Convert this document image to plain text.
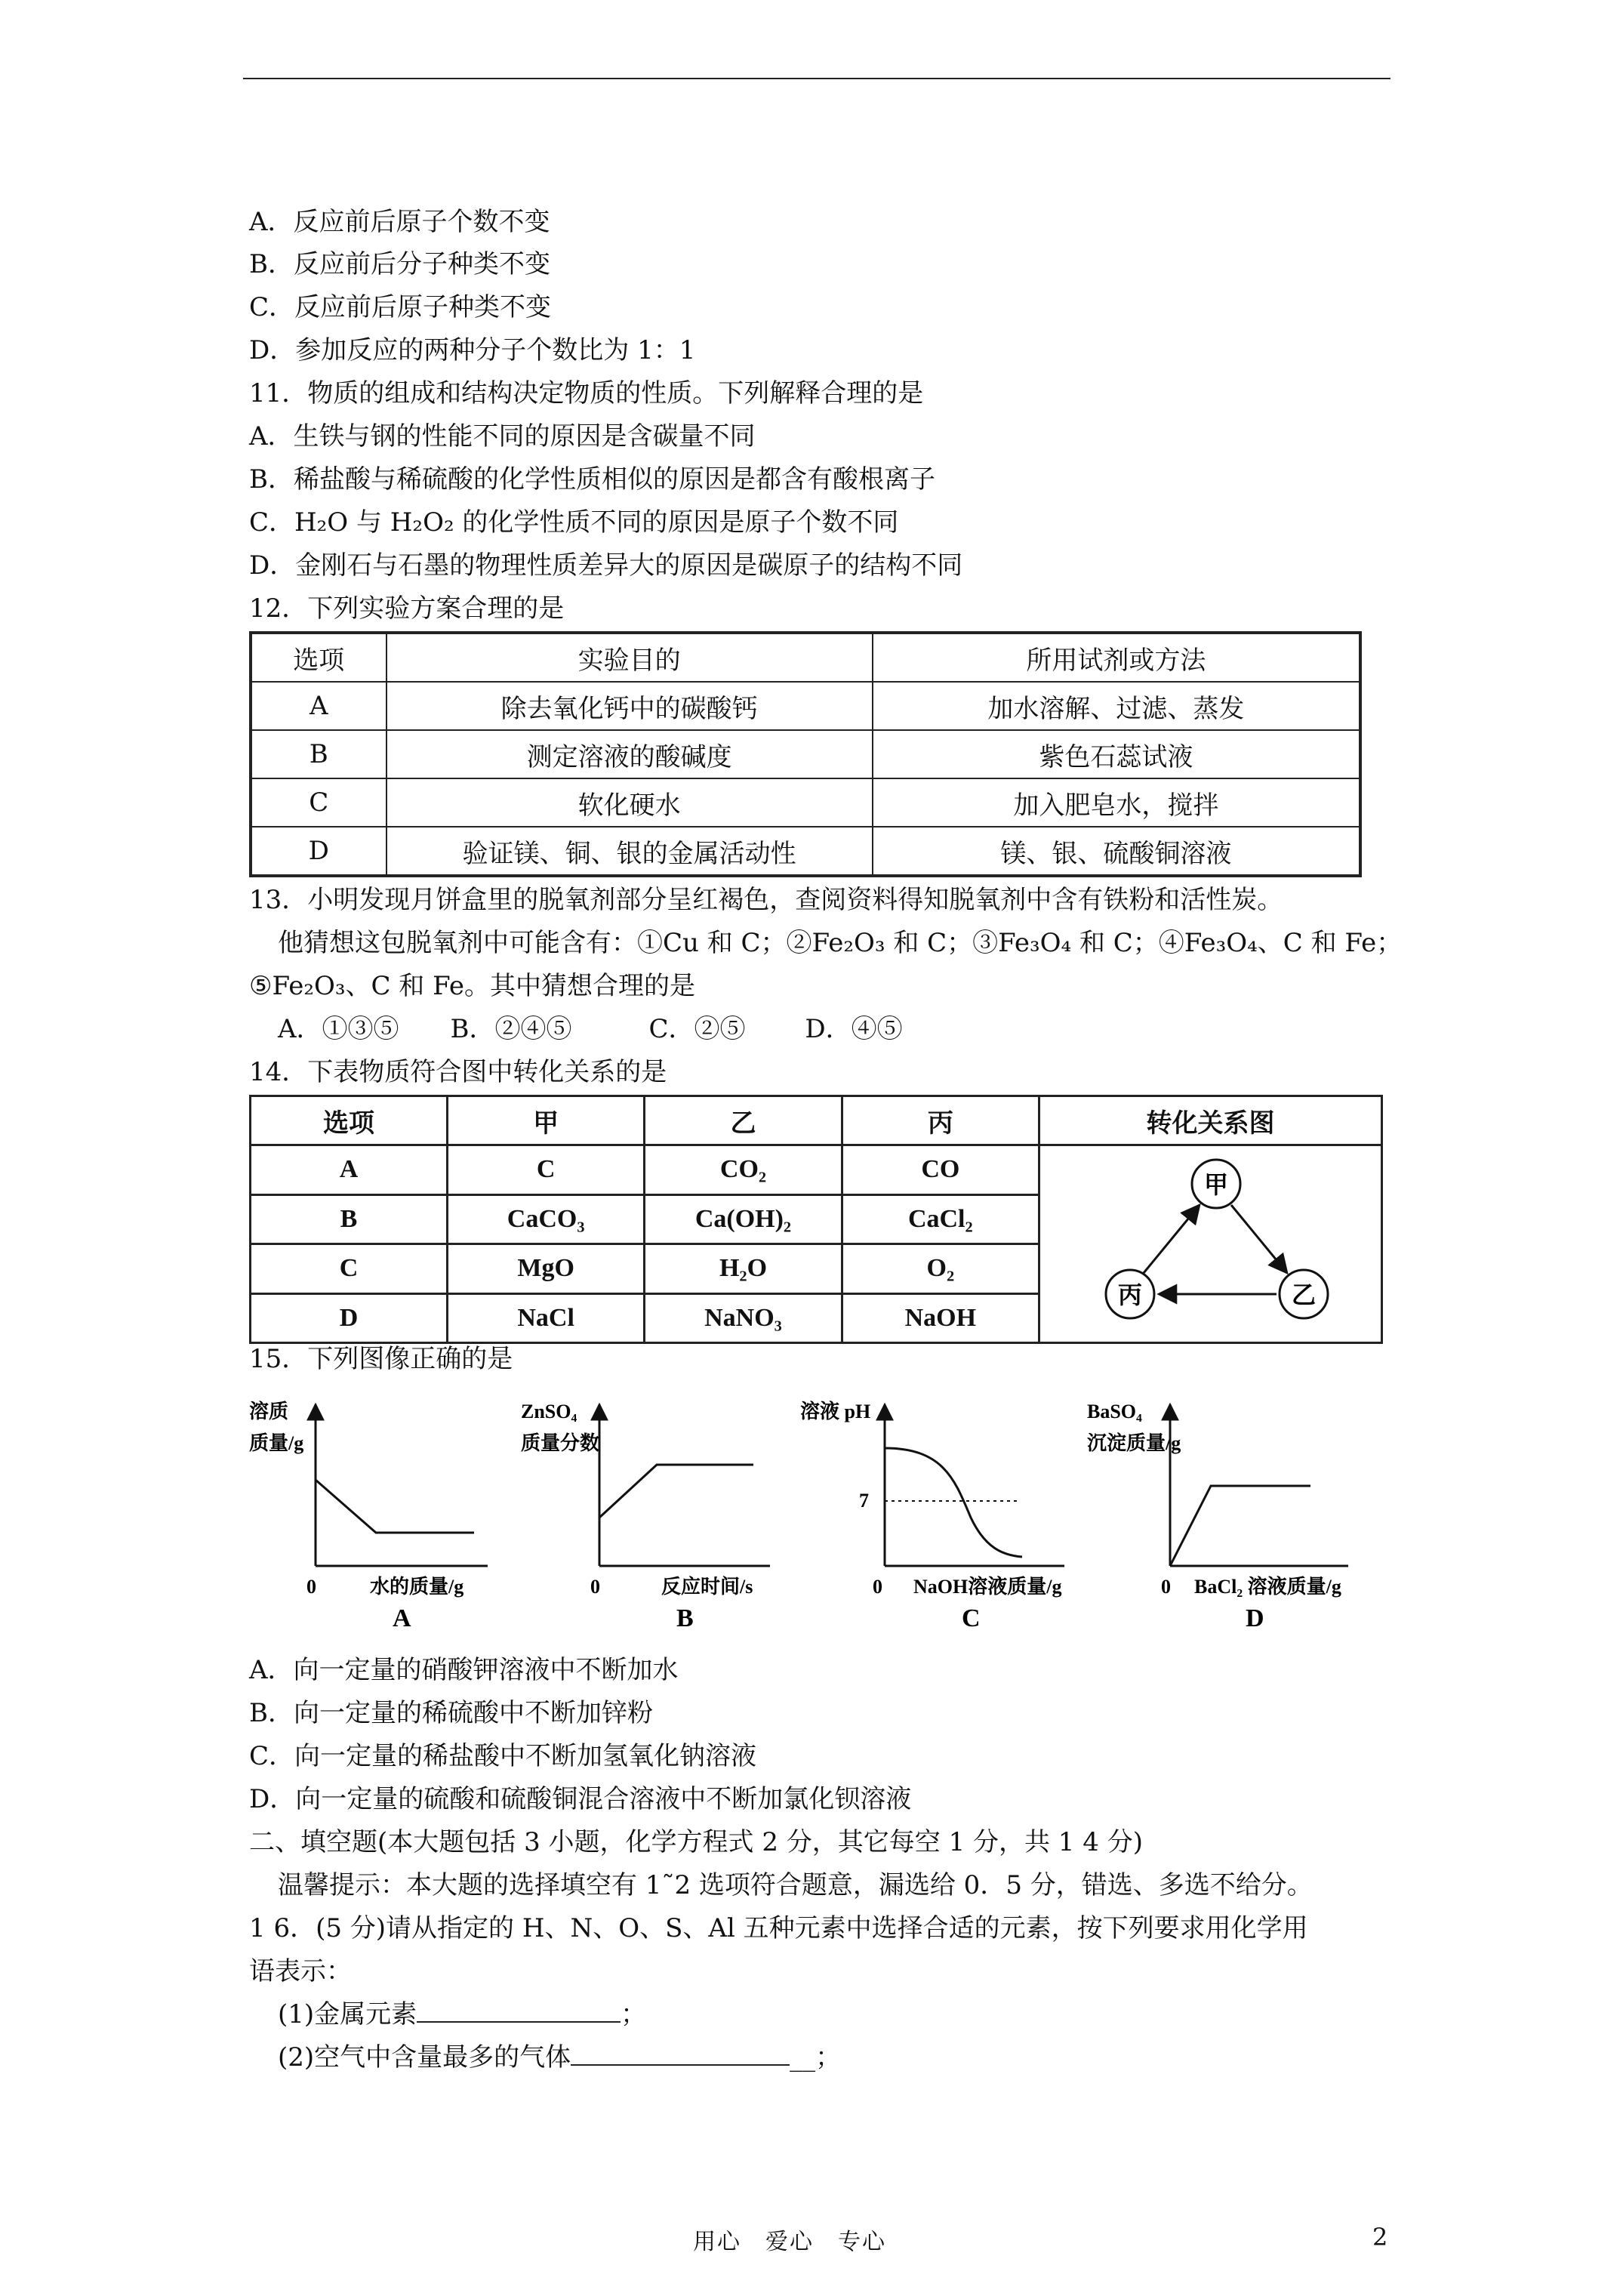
A．反应前后原子个数不变
B．反应前后分子种类不变
C．反应前后原子种类不变
D．参加反应的两种分子个数比为 1：1
11．物质的组成和结构决定物质的性质。下列解释合理的是
A．生铁与钢的性能不同的原因是含碳量不同
B．稀盐酸与稀硫酸的化学性质相似的原因是都含有酸根离子
C．H₂O 与 H₂O₂ 的化学性质不同的原因是原子个数不同
D．金刚石与石墨的物理性质差异大的原因是碳原子的结构不同
12．下列实验方案合理的是
选项	实验目的	所用试剂或方法
A	除去氧化钙中的碳酸钙	加水溶解、过滤、蒸发
B	测定溶液的酸碱度	紫色石蕊试液
C	软化硬水	加入肥皂水，搅拌
D	验证镁、铜、银的金属活动性	镁、银、硫酸铜溶液
13．小明发现月饼盒里的脱氧剂部分呈红褐色，查阅资料得知脱氧剂中含有铁粉和活性炭。
他猜想这包脱氧剂中可能含有：①Cu 和 C；②Fe₂O₃ 和 C；③Fe₃O₄ 和 C；④Fe₃O₄、C 和 Fe；
⑤Fe₂O₃、C 和 Fe。其中猜想合理的是
A．①③⑤　　B．②④⑤　　　C．②⑤　　 D．④⑤
14．下表物质符合图中转化关系的是
选项	甲	乙	丙	转化关系图
A	C	CO₂	CO	甲
乙
丙

B	CaCO₃	Ca(OH)₂	CaCl₂	
C	MgO	H₂O	O₂	
D	NaCl	NaNO₃	NaOH	
15．下列图像正确的是
溶质
质量/g
0	水的质量/g
A
ZnSO₄
质量分数
0	反应时间/s
B
溶液 pH
7
0 NaOH溶液质量/g
C
BaSO₄
沉淀质量/g
0 BaCl₂ 溶液质量/g
D
A．向一定量的硝酸钾溶液中不断加水
B．向一定量的稀硫酸中不断加锌粉
C．向一定量的稀盐酸中不断加氢氧化钠溶液
D．向一定量的硫酸和硫酸铜混合溶液中不断加氯化钡溶液
二、填空题(本大题包括 3 小题，化学方程式 2 分，其它每空 1 分，共 1 4 分)
温馨提示：本大题的选择填空有 1˜2 选项符合题意，漏选给 0．5 分，错选、多选不给分。
1 6．(5 分)请从指定的 H、N、O、S、Al 五种元素中选择合适的元素，按下列要求用化学用
语表示：
(1)金属元素	；
(2)空气中含量最多的气体	__；
用心　爱心　专心	2
